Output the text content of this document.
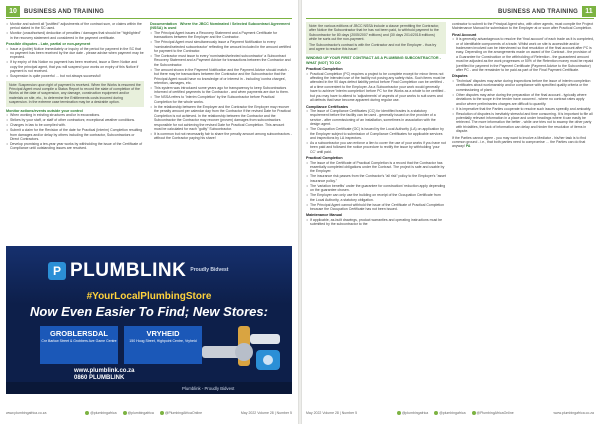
10	BUSINESS AND TRAINING
• Monitor and submit all "justified" adjustments of the contract sum, or claims within the period stated in the SC used.
• Monitor (unauthorised) deduction of penalties / damages that should be "highlighted" in the recovery statement and considered in the payment certificate.
Possible disputes - Late, partial or non-payment
• Issue a (polite) Notice immediately or inquiry of the period for payment in the SC that no payment has been received by the due date - please advise when payment may be expected.
• If by expiry of this Notice no payment has been received, issue a Stern Notice and copy the principal agent, that you will suspend your works on expiry of this Notice if payment is not received.
• Suspension is quite powerful … but not always successful!
Note: Suspension upon right of payment is received. When the Works is resumed the Principal Agent must compile a Status Report to record the state of completion of the Works at the date of suspension, any damage, construction equipment and/or materials on site, etc., to determine the Entitlements costs incurred during suspension. In the extreme case termination may be a desirable option.
Monitor actions/events outside your control
• When working in existing structures and/or in excavations.
• Strikes by your staff, or staff of other contractors; exceptional weather conditions.
• Changes in law to be complied with.
• Submit a claim for the Revision of the date for Practical (Interim) Completion resulting from damages and/or delay by others including the contractor, Subcontractors or Direct Contractors.
• Develop promising a ten-year year works by withholding the issue of the Certificate of Compliance until outstanding issues are resolved.
Documentation Where the JBCC Nominated / Selected Subcontract Agreement (NSSA) is used
• The Principal Agent issues a Recovery Statement and a Payment Certificate for transactions between the Employer and the Contractor.
• The Principal Agent must simultaneously issue a Payment Notification to every 'nominated/selected subcontractor' reflecting the amount included in the amount certified for payment to the Contractor.
• The Contractor must issue to every 'nominated/selected subcontractor' a Subcontract Recovery Statement and a Payment Advice for transactions between the Contractor and the Subcontractor.
• The amount shown in the Payment Notification and the Payment Advice should match - but there may be transactions between the Contractor and the Subcontractor that the Principal Agent would have no knowledge of or interest in - including 'contra charges', retention, damages, etc.
• This system was introduced some years ago for transparency to keep Subcontractors informed of certified payments to the Contractor - and when payments are due to them.
• The NSSA refers to 'Interim Completion' by the Subcontractor before Practical Completion for the whole works.
• In the relationship between the Employer and the Contractor the Employer may recover the penalty amount per calendar day from the Contractor if the revised Date for Practical Completion is not achieved. In the relationship between the Contractor and the Subcontractor the Contractor may recover (proven) damages from subcontractors responsible for not achieving the revised Date for Practical Completion. This amount must be calculated for each "guilty" Subcontractor.
• It is common but not necessarily fair to share the penalty amount among subcontractors - without the Contractor paying his share!
P PLUMBLINK Proudly Bidvest
#YourLocalPlumbingStore
Now Even Easier To Find; New Stores:
GROBLERSDAL
Cnr Barlow Street & Grobbers Ave Game Centre
VRYHEID
150 Hoog Street, Highpoint Centre, Vryheid
www.plumblink.co.za
0860 PLUMBLINK
Plumblink - Proudly Bidvest
www.plumbingafrica.co.za	@plumbingafrica	@plumbingafrica	@PlumbingAfricaOnline	May 2022 Volume 28 | Number 5
BUSINESS AND TRAINING	11

Note: the various editions of JBCC NSSA include a clause permitting the Contractor, after Notice the Subcontractor that he has not been paid, to withhold payment to the Subcontractor for 80 days (2005/2007 editions) and (30 days 2014/2018 editions) while he sorts out the non-payment.

The Subcontractor's contract is with the Contractor and not the Employer - thus try and agree to resolve this issue!

WINDING UP YOUR FIRST CONTRACT AS A PLUMBING SUBCONTRACTOR - WHAT (NOT) TO DO
Practical Completion
• Practical Completion (PC) requires a project to be complete except for minor items not affecting the intended use of the facility not posing any safety risks. Such items must be attended in the 90 days defect liability period before Final Completion can be certified - at a time convenient to the Employer. As a Subcontractor your work would generally have to achieve 'interim completion' before PC for the Works as a whole to be certified - but you may have to attend to 'adjustments' of aspects of your works to suit users and all defects that have become apparent during regular use.
Compliance Certificates
• The issue of Compliance Certificates (CC) for identified trades is a statutory requirement before the facility can be used - generally issued on the provider of a service - after commissioning of an installation, sometimes in association with the design agent.
• The Occupation Certificate (OC) is issued by the Local Authority (LA) on application by the Employer subject to submission of Compliance Certificates for applicable services and inspections by LA inspectors.
• As a subcontractor you can enforce a lien to cover the use of your works if you have not been paid and followed the notice procedure to rectify the issue by withholding 'your CC' until paid.
Practical Completion
• The issue of the Certificate of Practical Completion is a record that the Contractor has essentially completed obligations under the Contract. The project is safe and usable by the Employer.
• The insurance risk passes from the Contractor's "all risk" policy to the Employer's "asset insurance policy."
• The 'variation benefits' under the guarantee for construction/ reduction apply depending on the guarantee chosen.
• The Employer can only use the building on receipt of the Occupation Certificate from the Local Authority, a statutory obligation.
• The Principal Agent cannot withhold the issue of the Certificate of Practical Completion because the Occupation Certificate has not been issued.
Maintenance Manual
• If applicable, as-built drawings, product warranties and operating instructions must be submitted by the subcontractor to the

contractor to submit to the Principal Agent who, with other agents, must compile the Project Maintenance Manual for submission to the Employer at or soon after Practical Completion.

Final Account
• It is generally advantageous to resolve the 'final account' of each trade as it is completed, or of identifiable components of a trade. Whilst work on site is accessible and/or tradesmen involved can be interviewed so that resolution of the final account after PC is easy. Depending on the arrangements made on award of the Contract - the provision of a Guarantee for Construction or the withholding of Retention - the guaranteed amount must be adjusted as the work progresses or 50% of the Retention money must be repaid (certified for payment in the Payment Certificate (Payment Advice to the Subcontractor) after PC - and the remainder to be paid as part of the Final Payment Certificate.
Disputes
• 'Technical' disputes may arise during inspections before the issue of interim completion certificates about workmanship and/or compliance with specified quality criteria or the commissioning of plant.
• Other disputes may arise during the preparation of the final account - typically where deviations to the scope in the tender have occurred - where no contract rates apply and/or where preliminaries charges are difficult to quantify.
• It is imperative that the Parties cooperate to resolve such issues speedily and amicably.
• Resolution of disputes is inevitably stressful and time consuming. It is important to file all potentially relevant information in a place and under headings where it can easily be retrieved. The more information the better - while one tries not to swamp the other party with trivialities, the lack of information can delay and hinder the resolution of items in dispute.

If the Parties cannot agree - you may want to involve a Mediator - his/her task is to find common ground - i.e., that both parties need to compromise … the Parties can do that anyway! PA

May 2022 Volume 28 | Number 5	@plumbingafrica	@plumbingafrica	@PlumbingAfricaOnline	www.plumbingafrica.co.za
